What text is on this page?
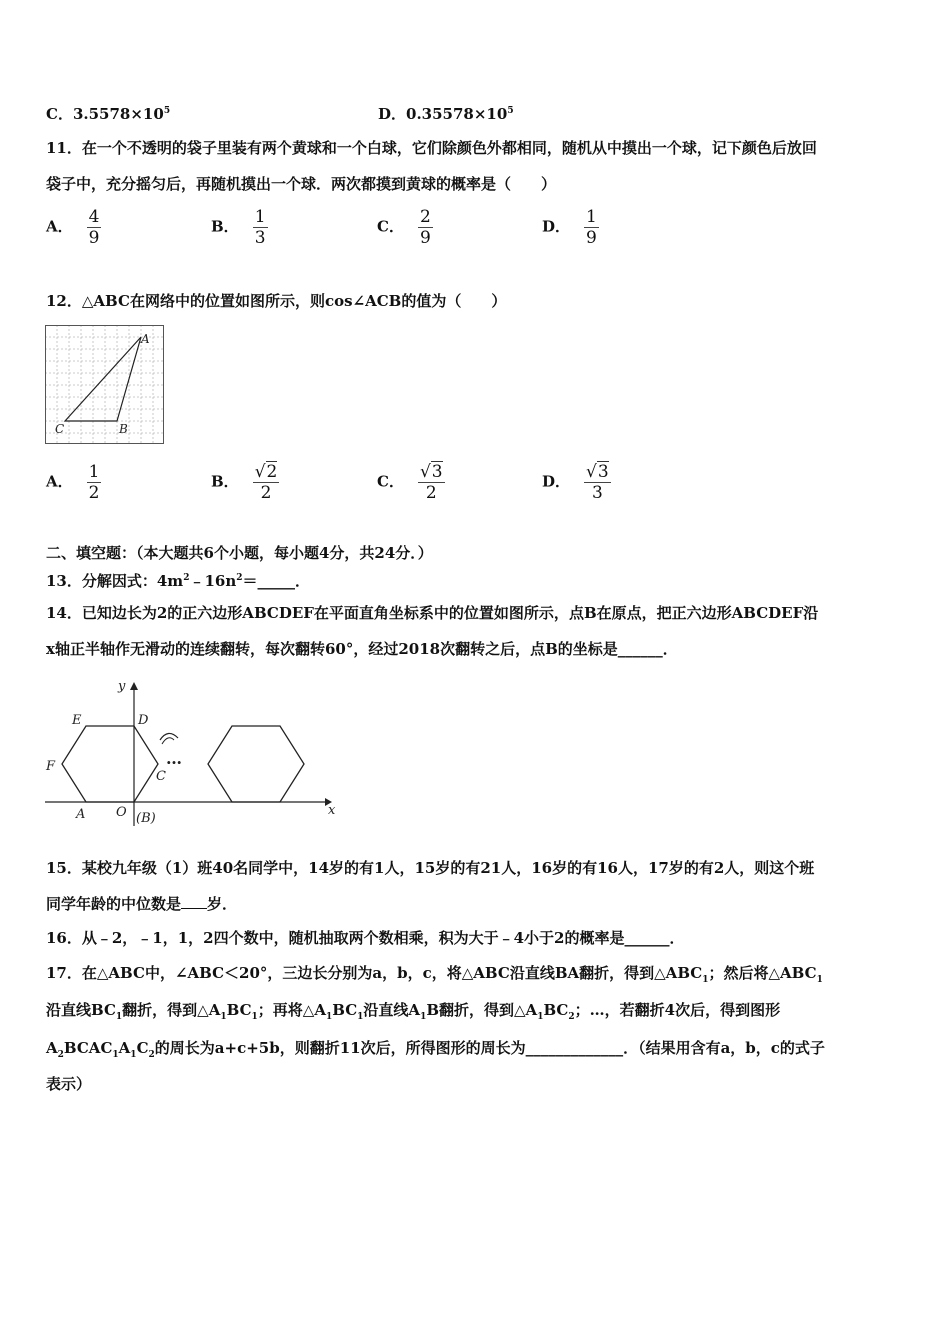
C．$3.5578\times 10^5$	D．$0.35578\times 10^5$
11．在一个不透明的袋子里装有两个黄球和一个白球，它们除颜色外都相同，随机从中摸出一个球，记下颜色后放回
袋子中，充分摇匀后，再随机摸出一个球．两次都摸到黄球的概率是（　　）
A． $\frac{4}{9}$	B． $\frac{1}{3}$	C． $\frac{2}{9}$	D． $\frac{1}{9}$
12．△ABC在网络中的位置如图所示，则cos∠ACB的值为（　　）
A
C	B
A． $\frac{1}{2}$	B． $\frac{√2}{2}$	C． $\frac{√3}{2}$	D． $\frac{√3}{3}$
二、填空题：（本大题共6个小题，每小题4分，共24分．）
13．分解因式：$4m^2﹣16n^2=\_\_\_\_\_$．
14．已知边长为2的正六边形ABCDEF在平面直角坐标系中的位置如图所示，点B在原点，把正六边形ABCDEF沿
x轴正半轴作无滑动的连续翻转，每次翻转60°，经过2018次翻转之后，点B的坐标是______．
…
y
x
E	D
F
C
A O (B)
15．某校九年级（1）班40名同学中，14岁的有1人，15岁的有21人，16岁的有16人，17岁的有2人，则这个班
同学年龄的中位数是 岁．
16．从﹣2，﹣1，1，2四个数中，随机抽取两个数相乘，积为大于﹣4小于2的概率是______．
17．在△ABC中，∠ABC＜20°，三边长分别为a，b，c，将△ABC沿直线BA翻折，得到$\triangle ABC_1$；然后将$\triangle ABC_1$
沿直线$BC_1$翻折，得到$\triangle A_1BC_1$；再将$\triangle A_1BC_1$沿直线$A_1B$翻折，得到$\triangle A_1BC_2$；…，若翻折4次后，得到图形
$A_2BCAC_1A_1C_2$的周长为a+c+5b，则翻折11次后，所得图形的周长为_____________．（结果用含有a，b，c的式子
表示）
